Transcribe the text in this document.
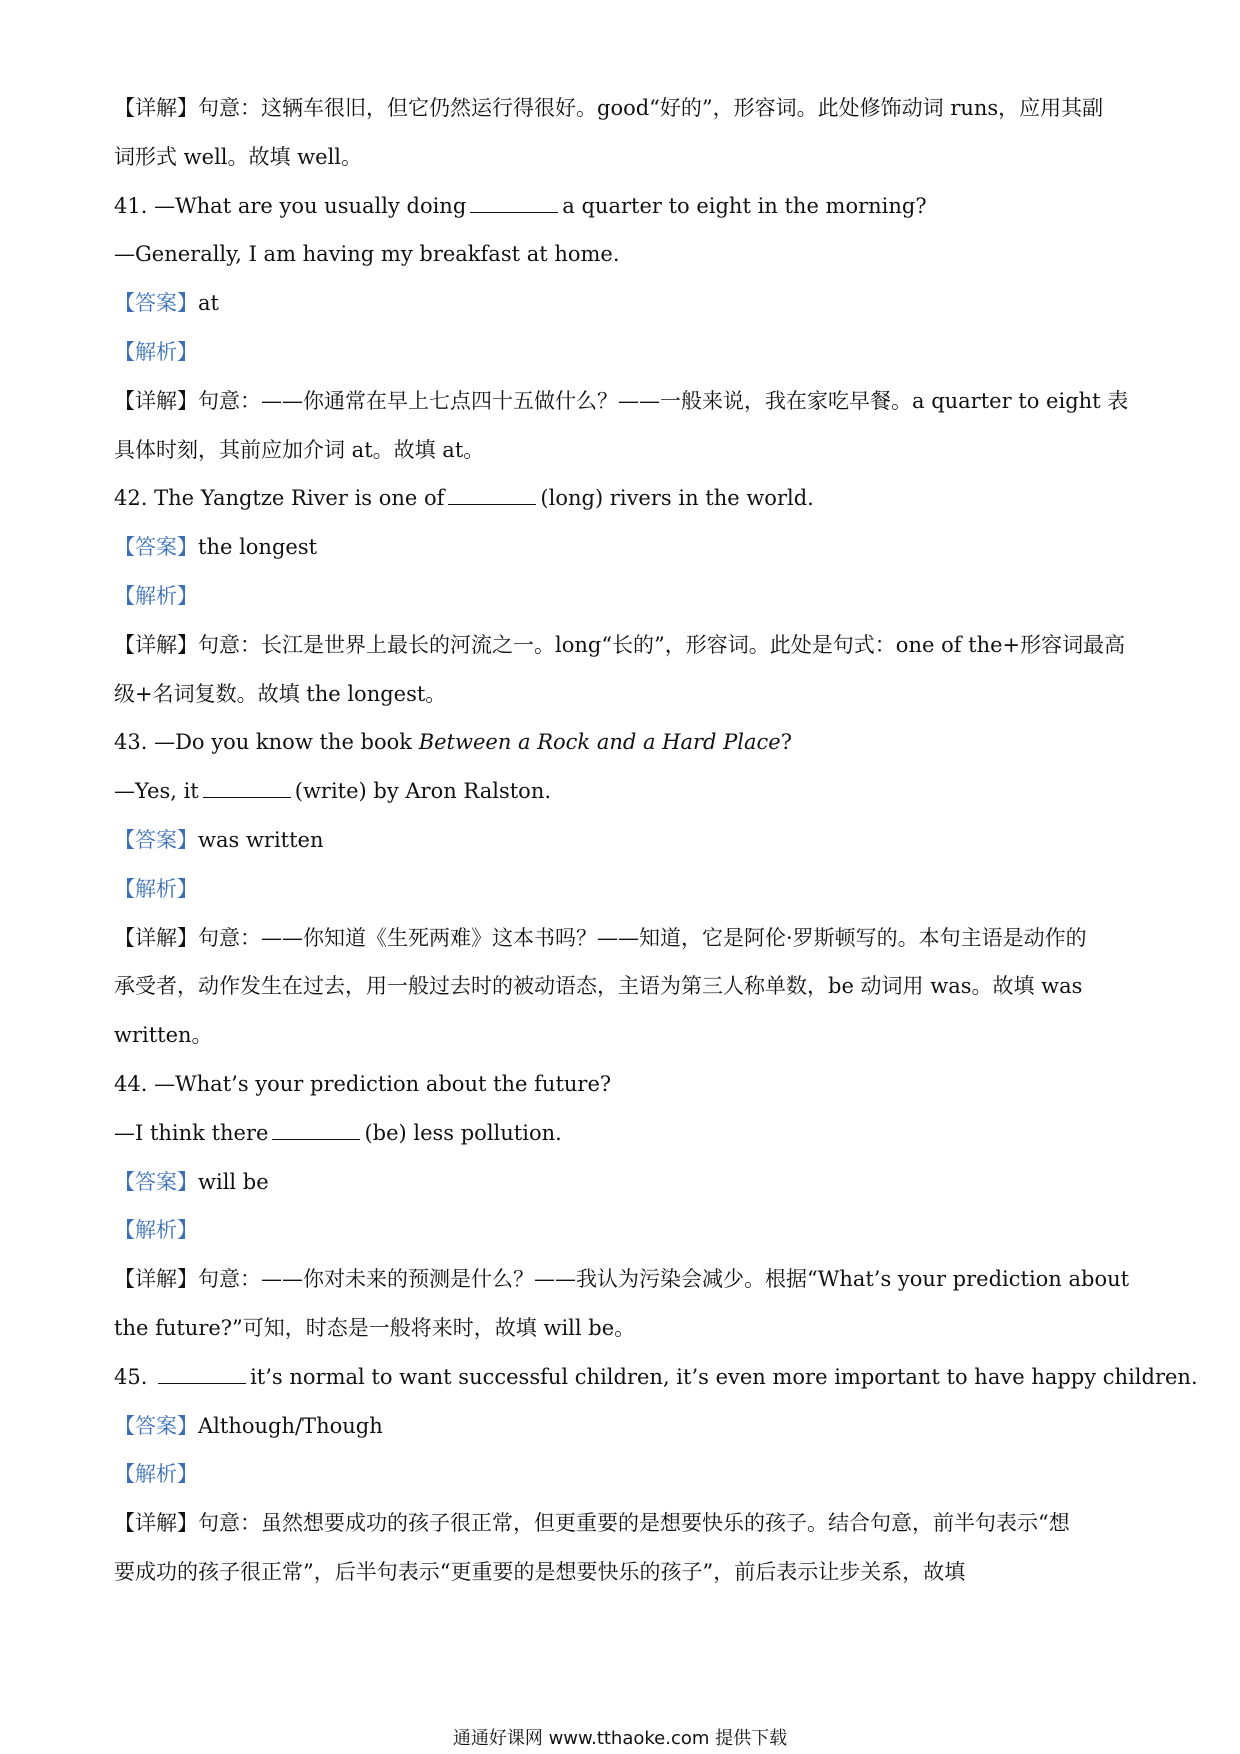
【详解】句意：这辆车很旧，但它仍然运行得很好。good“好的”，形容词。此处修饰动词 runs，应用其副
词形式 well。故填 well。
41. —What are you usually doing	a quarter to eight in the morning?
—Generally, I am having my breakfast at home.
【答案】at
【解析】
【详解】句意：——你通常在早上七点四十五做什么？——一般来说，我在家吃早餐。a quarter to eight 表
具体时刻，其前应加介词 at。故填 at。
42. The Yangtze River is one of	(long) rivers in the world.
【答案】the longest
【解析】
【详解】句意：长江是世界上最长的河流之一。long“长的”，形容词。此处是句式：one of the+形容词最高
级+名词复数。故填 the longest。
43. —Do you know the book Between a Rock and a Hard Place?
—Yes, it	(write) by Aron Ralston.
【答案】was written
【解析】
【详解】句意：——你知道《生死两难》这本书吗？——知道，它是阿伦·罗斯顿写的。本句主语是动作的
承受者，动作发生在过去，用一般过去时的被动语态，主语为第三人称单数，be 动词用 was。故填 was
written。
44. —What’s your prediction about the future?
—I think there	(be) less pollution.
【答案】will be
【解析】
【详解】句意：——你对未来的预测是什么？——我认为污染会减少。根据“What’s your prediction about
the future?”可知，时态是一般将来时，故填 will be。
45.	it’s normal to want successful children, it’s even more important to have happy children.
【答案】Although/Though
【解析】
【详解】句意：虽然想要成功的孩子很正常，但更重要的是想要快乐的孩子。结合句意，前半句表示“想
要成功的孩子很正常”，后半句表示“更重要的是想要快乐的孩子”，前后表示让步关系，故填
通通好课网 www.tthaoke.com 提供下载
